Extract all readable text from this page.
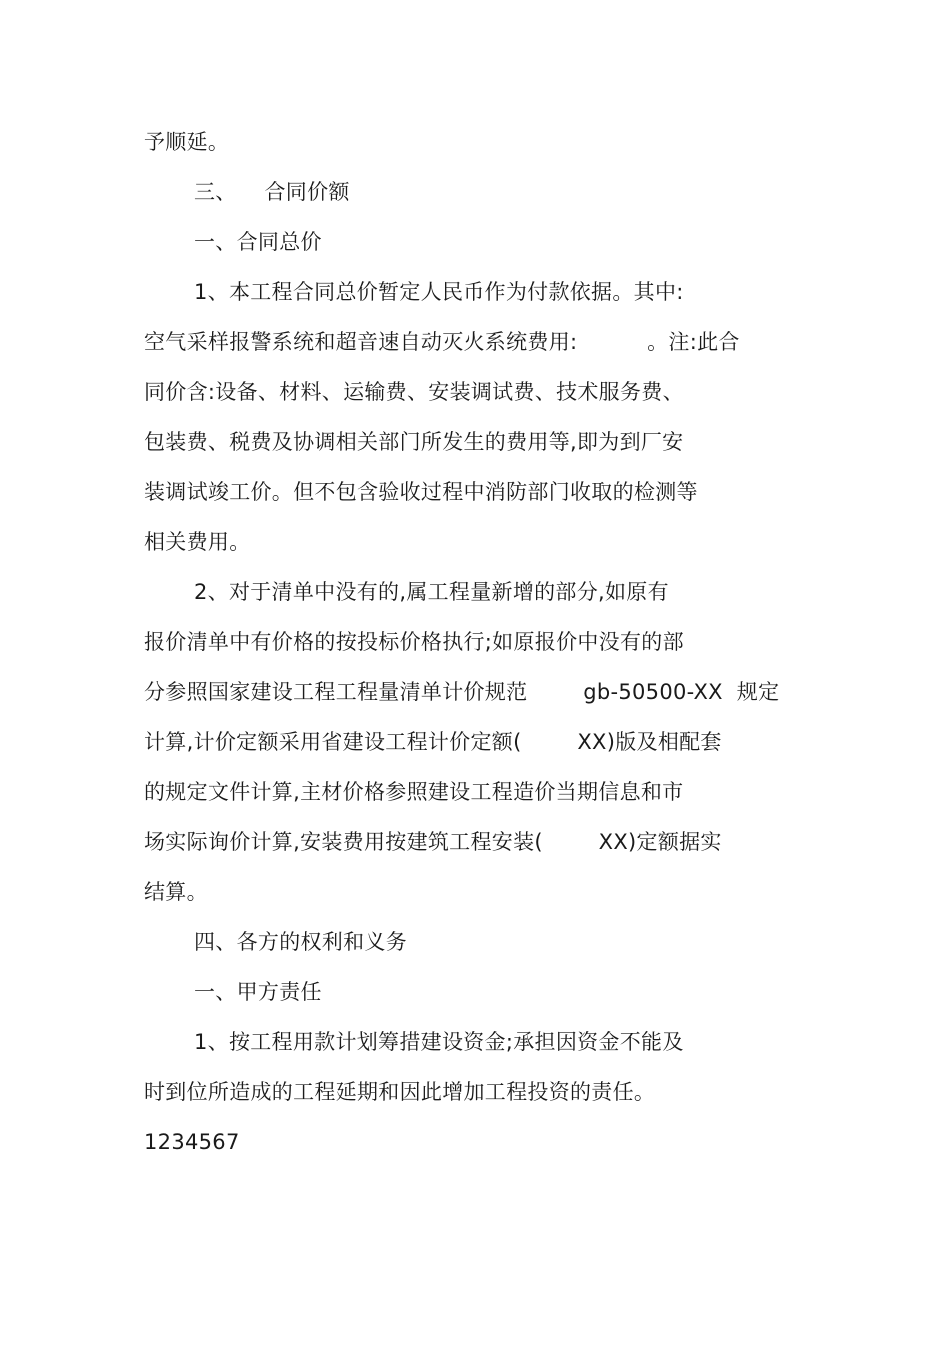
予顺延。
三、    合同价额
一、合同总价
1、本工程合同总价暂定人民币作为付款依据。其中:
空气采样报警系统和超音速自动灭火系统费用:          。注:此合
同价含:设备、材料、运输费、安装调试费、技术服务费、
包装费、税费及协调相关部门所发生的费用等,即为到厂安
装调试竣工价。但不包含验收过程中消防部门收取的检测等
相关费用。
2、对于清单中没有的,属工程量新增的部分,如原有
报价清单中有价格的按投标价格执行;如原报价中没有的部
分参照国家建设工程工程量清单计价规范        gb-50500-XX  规定
计算,计价定额采用省建设工程计价定额(        XX)版及相配套
的规定文件计算,主材价格参照建设工程造价当期信息和市
场实际询价计算,安装费用按建筑工程安装(        XX)定额据实
结算。
四、各方的权利和义务
一、甲方责任
1、按工程用款计划筹措建设资金;承担因资金不能及
时到位所造成的工程延期和因此增加工程投资的责任。
1234567
